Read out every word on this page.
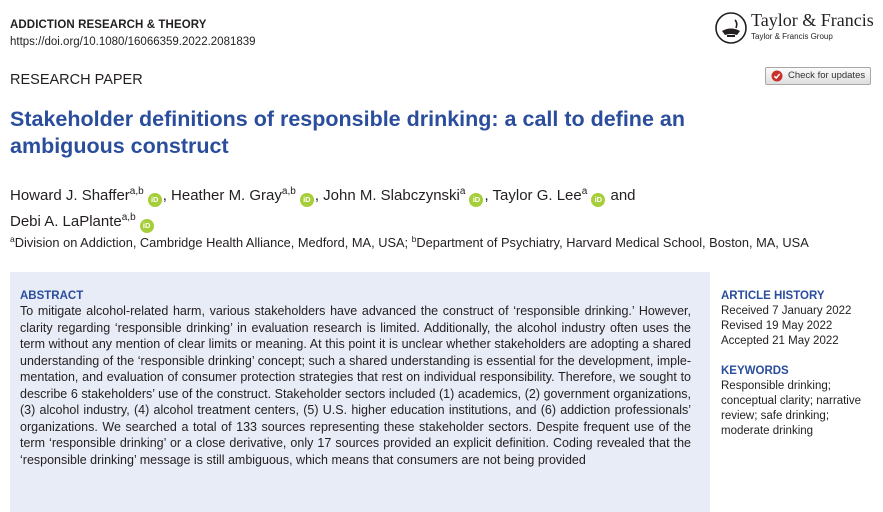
ADDICTION RESEARCH & THEORY
https://doi.org/10.1080/16066359.2022.2081839
Taylor & Francis
Taylor & Francis Group
RESEARCH PAPER	Check for updates
Stakeholder definitions of responsible drinking: a call to define an ambiguous construct
Howard J. Shaffer$^{a,b}$iD , Heather M. Gray$^{a,b}$iD , John M. Slabczynski$^a$iD , Taylor G. Lee$^a$iD and
Debi A. LaPlante$^{a,b}$iD
$^a$Division on Addiction, Cambridge Health Alliance, Medford, MA, USA; $^b$Department of Psychiatry, Harvard Medical School, Boston, MA, USA
ABSTRACT
To mitigate alcohol-related harm, various stakeholders have advanced the construct of ‘responsible drinking.’ However, clarity regarding ‘responsible drinking’ in evaluation research is limited. Additionally, the alcohol industry often uses the term without any mention of clear limits or meaning. At this point it is unclear whether stakeholders are adopting a shared understanding of the ‘responsible drinking’ concept; such a shared understanding is essential for the development, imple-mentation, and evaluation of consumer protection strategies that rest on individual responsibility. Therefore, we sought to describe 6 stakeholders’ use of the construct. Stakeholder sectors included (1) academics, (2) government organizations, (3) alcohol industry, (4) alcohol treatment centers, (5) U.S. higher education institutions, and (6) addiction professionals’ organizations. We searched a total of 133 sources representing these stakeholder sectors. Despite frequent use of the term ‘responsible drinking’ or a close derivative, only 17 sources provided an explicit definition. Coding revealed that the ‘responsible drinking’ message is still ambiguous, which means that consumers are not being provided
ARTICLE HISTORY
Received 7 January 2022
Revised 19 May 2022
Accepted 21 May 2022
KEYWORDS
Responsible drinking;
conceptual clarity; narrative
review; safe drinking;
moderate drinking
